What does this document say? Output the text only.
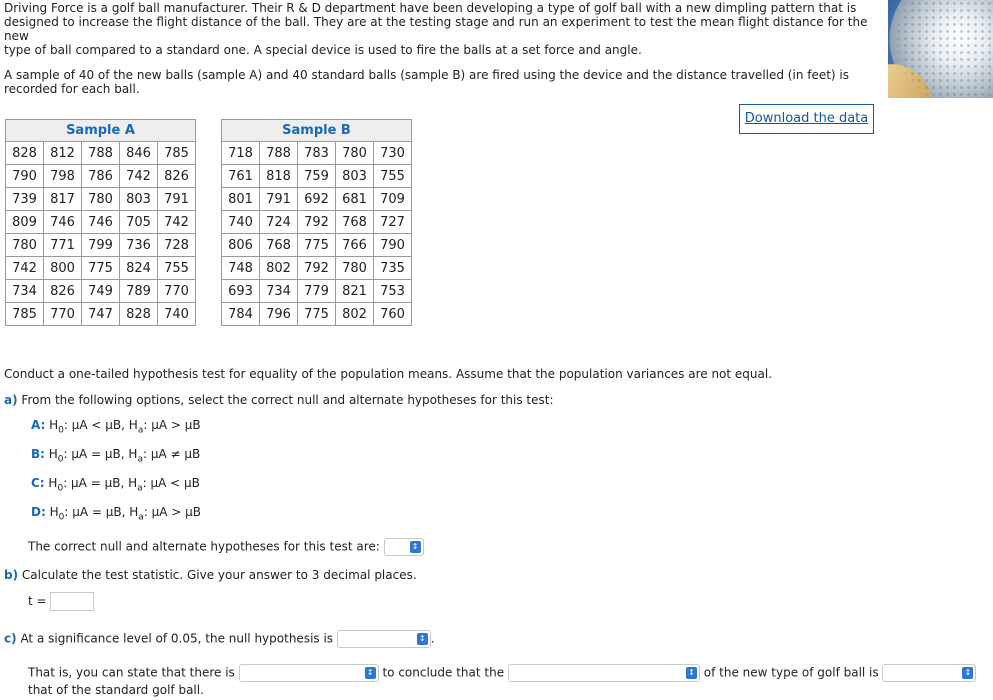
Driving Force is a golf ball manufacturer. Their R & D department have been developing a type of golf ball with a new dimpling pattern that is

designed to increase the flight distance of the ball. They are at the testing stage and run an experiment to test the mean flight distance for the new

type of ball compared to a standard one. A special device is used to fire the balls at a set force and angle.

A sample of 40 of the new balls (sample A) and 40 standard balls (sample B) are fired using the device and the distance travelled (in feet) is

recorded for each ball.

Download the data
Sample A				
828	812	788	846	785
790	798	786	742	826
739	817	780	803	791
809	746	746	705	742
780	771	799	736	728
742	800	775	824	755
734	826	749	789	770
785	770	747	828	740
Sample B				
718	788	783	780	730
761	818	759	803	755
801	791	692	681	709
740	724	792	768	727
806	768	775	766	790
748	802	792	780	735
693	734	779	821	753
784	796	775	802	760
Conduct a one-tailed hypothesis test for equality of the population means. Assume that the population variances are not equal.
a) From the following options, select the correct null and alternate hypotheses for this test:
A: $H_0$: μA < μB, $H_a$: μA > μB
B: $H_0$: μA = μB, $H_a$: μA ≠ μB
C: $H_0$: μA = μB, $H_a$: μA < μB
D: $H_0$: μA = μB, $H_a$: μA > μB
The correct null and alternate hypotheses for this test are:	↕
b) Calculate the test statistic. Give your answer to 3 decimal places.
t =
c) At a significance level of 0.05, the null hypothesis is	↕ .
That is, you can state that there is	↕ to conclude that the	↕ of the new type of golf ball is	↕
that of the standard golf ball.
